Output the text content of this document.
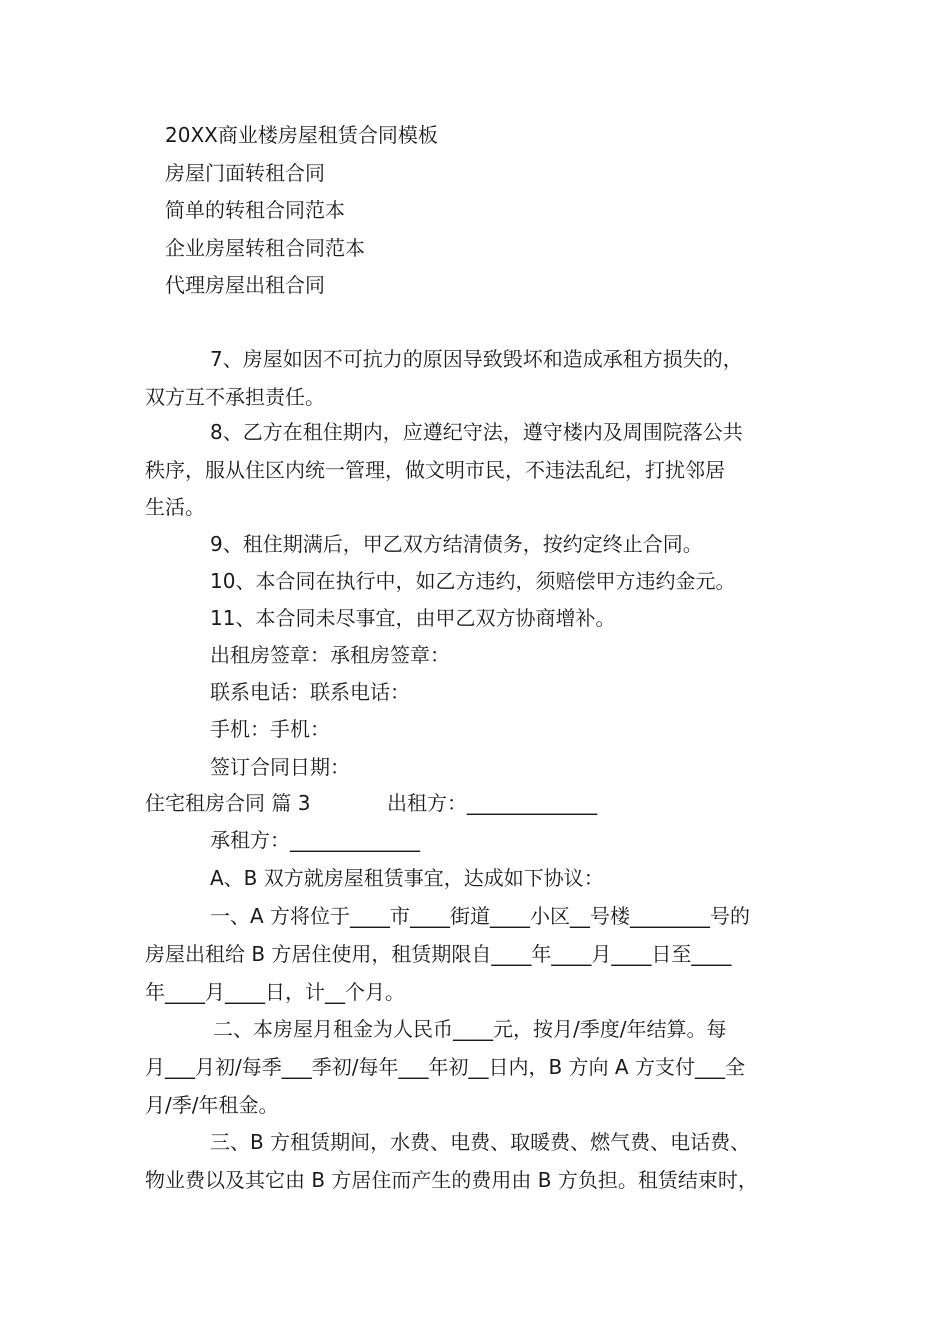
20XX商业楼房屋租赁合同模板
房屋门面转租合同
简单的转租合同范本
企业房屋转租合同范本
代理房屋出租合同
7、房屋如因不可抗力的原因导致毁坏和造成承租方损失的，
双方互不承担责任。
8、乙方在租住期内，应遵纪守法，遵守楼内及周围院落公共
秩序，服从住区内统一管理，做文明市民，不违法乱纪，打扰邻居
生活。
9、租住期满后，甲乙双方结清债务，按约定终止合同。
10、本合同在执行中，如乙方违约，须赔偿甲方违约金元。
11、本合同未尽事宜，由甲乙双方协商增补。
出租房签章：承租房签章：
联系电话：联系电话：
手机：手机：
签订合同日期：
住宅租房合同 篇 3	出租方：_____________
承租方：_____________
A、B 双方就房屋租赁事宜，达成如下协议：
一、A 方将位于____市____街道____小区__号楼________号的
房屋出租给 B 方居住使用，租赁期限自____年____月____日至____
年____月____日，计__个月。
二、本房屋月租金为人民币____元，按月/季度/年结算。每
月___月初/每季___季初/每年___年初__日内，B 方向 A 方支付___全
月/季/年租金。
三、B 方租赁期间，水费、电费、取暖费、燃气费、电话费、
物业费以及其它由 B 方居住而产生的费用由 B 方负担。租赁结束时，
